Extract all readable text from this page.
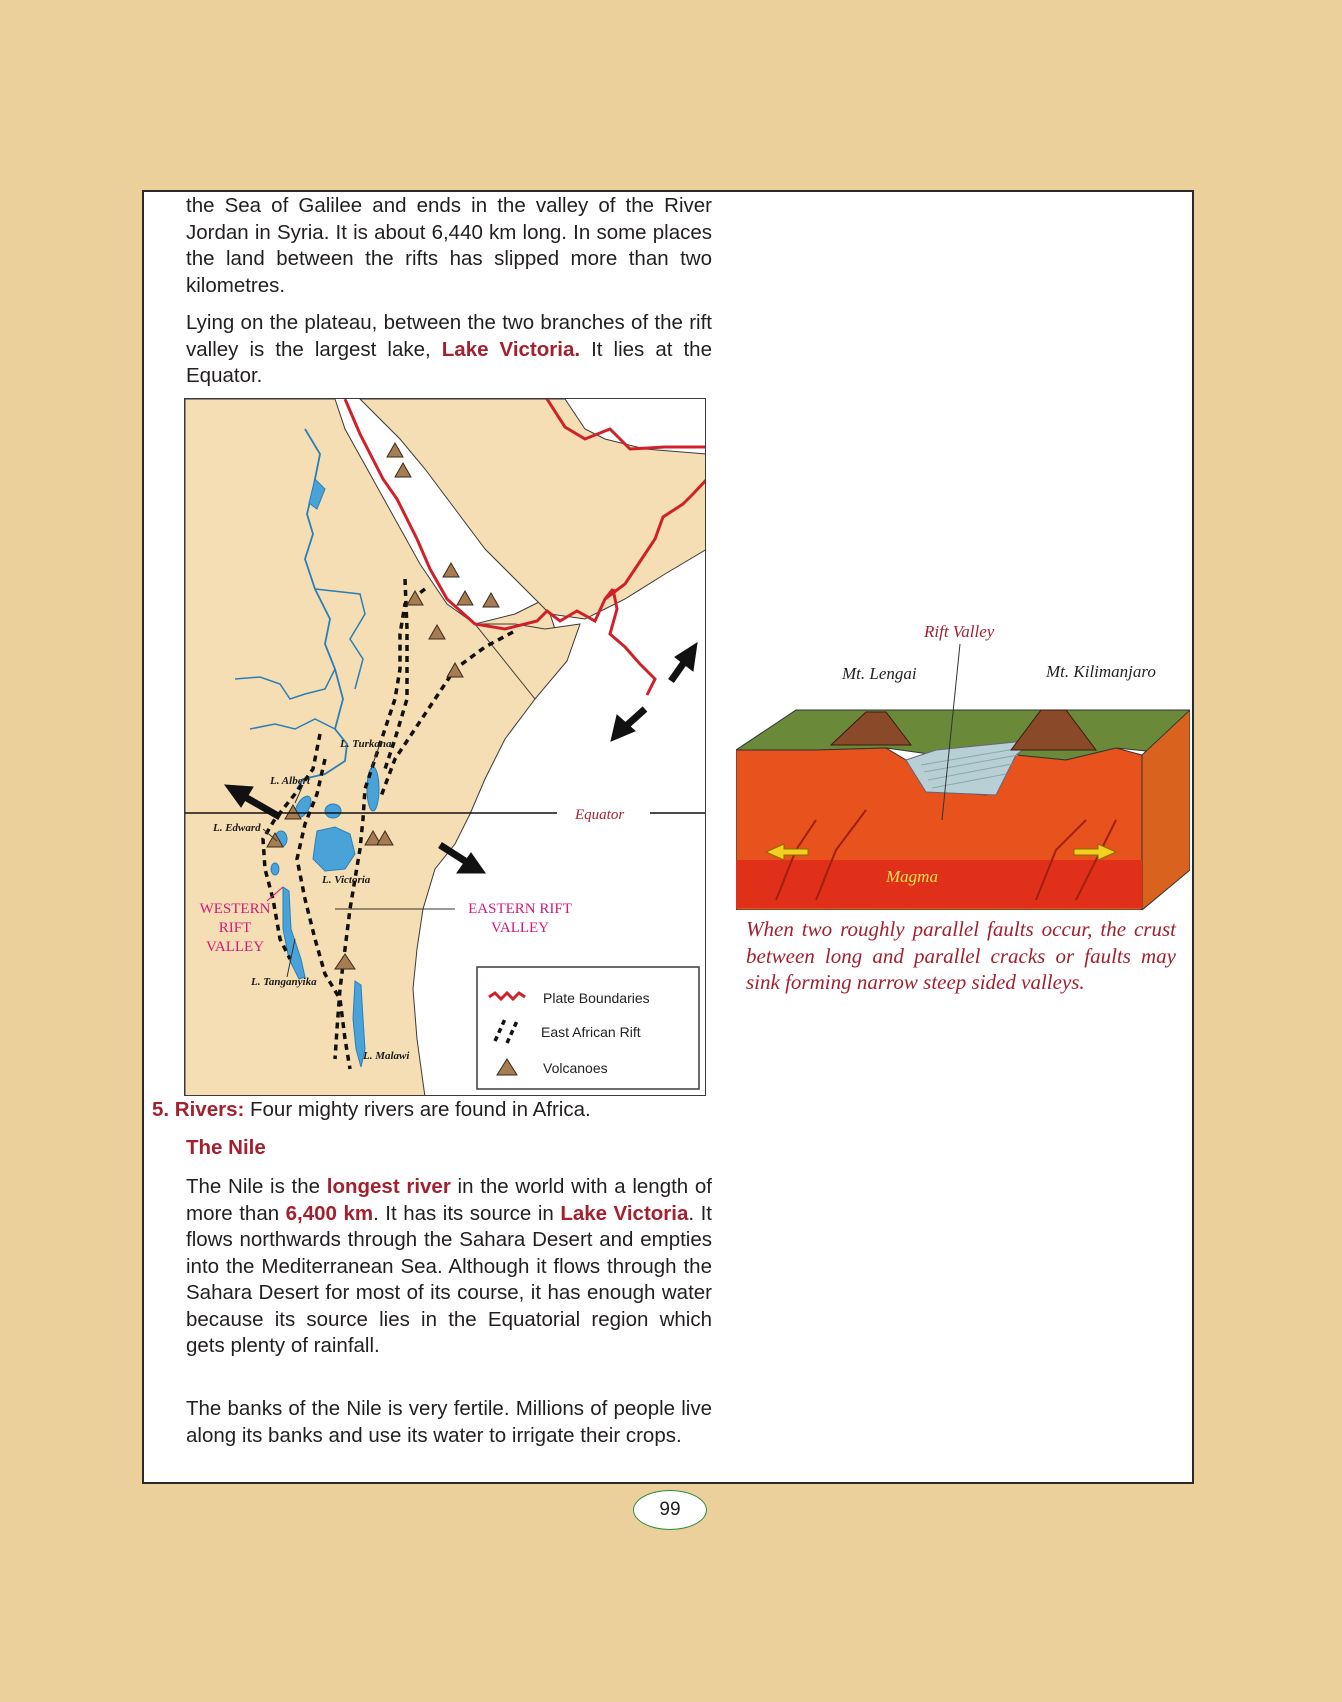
the Sea of Galilee and ends in the valley of the River Jordan in Syria. It is about 6,440 km long. In some places the land between the rifts has slipped more than two kilometres.
Lying on the plateau, between the two branches of the rift valley is the largest lake, Lake Victoria. It lies at the Equator.
Equator
L. Turkana
L. Albert
L. Edward
L. Victoria
L. Tanganyika
L. Malawi
WESTERN
RIFT
VALLEY
EASTERN RIFT
VALLEY
Plate Boundaries
East African Rift
Volcanoes
5. Rivers: Four mighty rivers are found in Africa.
The Nile
The Nile is the longest river in the world with a length of more than 6,400 km. It has its source in Lake Victoria. It flows northwards through the Sahara Desert and empties into the Mediterranean Sea. Although it flows through the Sahara Desert for most of its course, it has enough water because its source lies in the Equatorial region which gets plenty of rainfall.
The banks of the Nile is very fertile. Millions of people live along its banks and use its water to irrigate their crops.
Magma
Rift Valley
Mt. Lengai	Mt. Kilimanjaro
When two roughly parallel faults occur, the crust between long and parallel cracks or faults may sink forming narrow steep sided valleys.
99
